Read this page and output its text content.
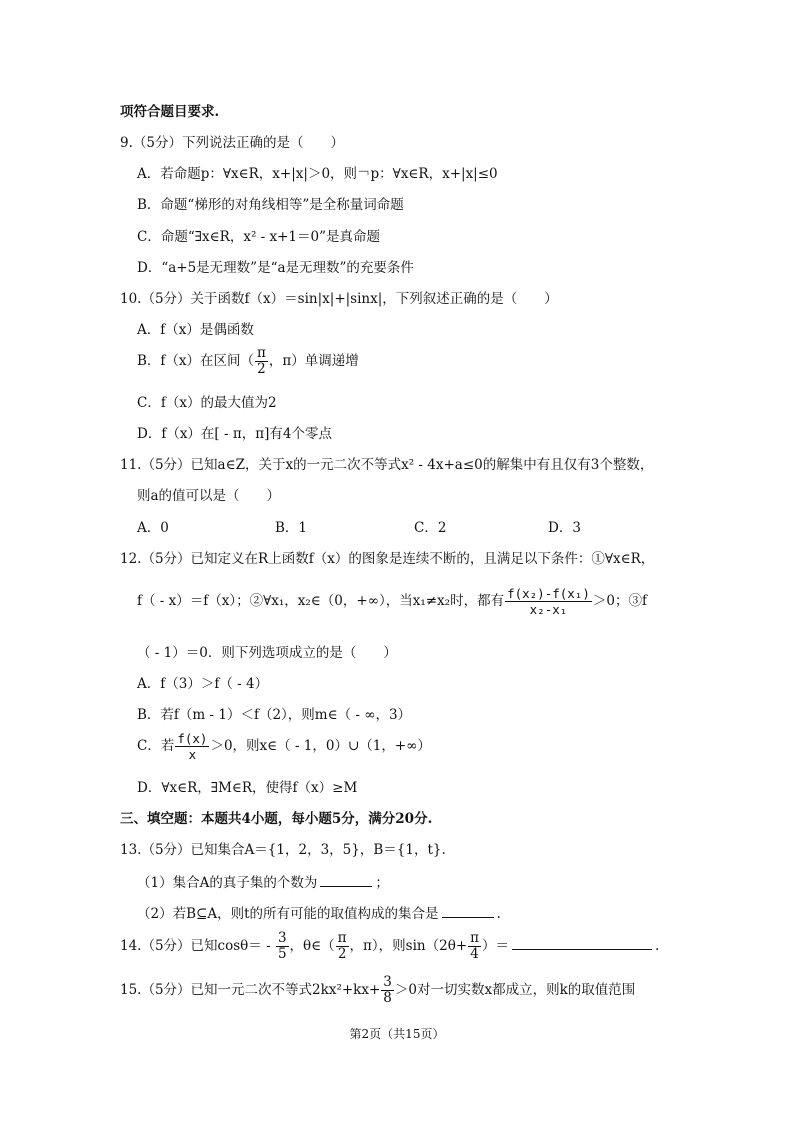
项符合题目要求.
9.（5分）下列说法正确的是（　　）
A．若命题p：∀x∈R，x+|x|＞0，则￢p：∀x∈R，x+|x|≤0
B．命题“梯形的对角线相等”是全称量词命题
C．命题“∃x∈R，x² - x+1＝0”是真命题
D．“a+5是无理数”是“a是无理数”的充要条件
10.（5分）关于函数f（x）＝sin|x|+|sinx|，下列叙述正确的是（　　）
A．f（x）是偶函数
B．f（x）在区间（ $\frac{\pi}{2}$ ，π）单调递增
C．f（x）的最大值为2
D．f（x）在[ - π，π]有4个零点
11.（5分）已知a∈Z，关于x的一元二次不等式x² - 4x+a≤0的解集中有且仅有3个整数，
则a的值可以是（　　）
A．0	B．1	C．2	D．3
12.（5分）已知定义在R上函数f（x）的图象是连续不断的，且满足以下条件：①∀x∈R，
f（ - x）＝f（x）；②∀x₁，x₂∈（0，+∞），当x₁≠x₂时，都有 $\frac{\text{f(x₂)-f(x₁)}}{\text{x₂-x₁}} >0$；③f
（ - 1）＝0．则下列选项成立的是（　　）
A．f（3）＞f（ - 4）
B．若f（m - 1）＜f（2），则m∈（ - ∞，3）
C．若 $\frac{f(x)}{x} >0$，则x∈（ - 1，0）∪（1，+∞）
D．∀x∈R，∃M∈R，使得f（x）≥M
三、填空题：本题共4小题，每小题5分，满分20分.
13.（5分）已知集合A＝{1，2，3，5}，B＝{1，t}.
（1）集合A的真子集的个数为	；
（2）若B⊆A，则t的所有可能的取值构成的集合是	.
14.（5分）已知$\cos\theta= - \frac{3}{5}$ ，θ∈（ $\frac{\pi}{2}$ ，π），则$\sin(2\theta+ \frac{\pi}{4}$ ）＝	.
15.（5分）已知一元二次不等式$2kx^2+kx+ \frac{3}{8} >0$对一切实数x都成立，则k的取值范围
第2页（共15页）
